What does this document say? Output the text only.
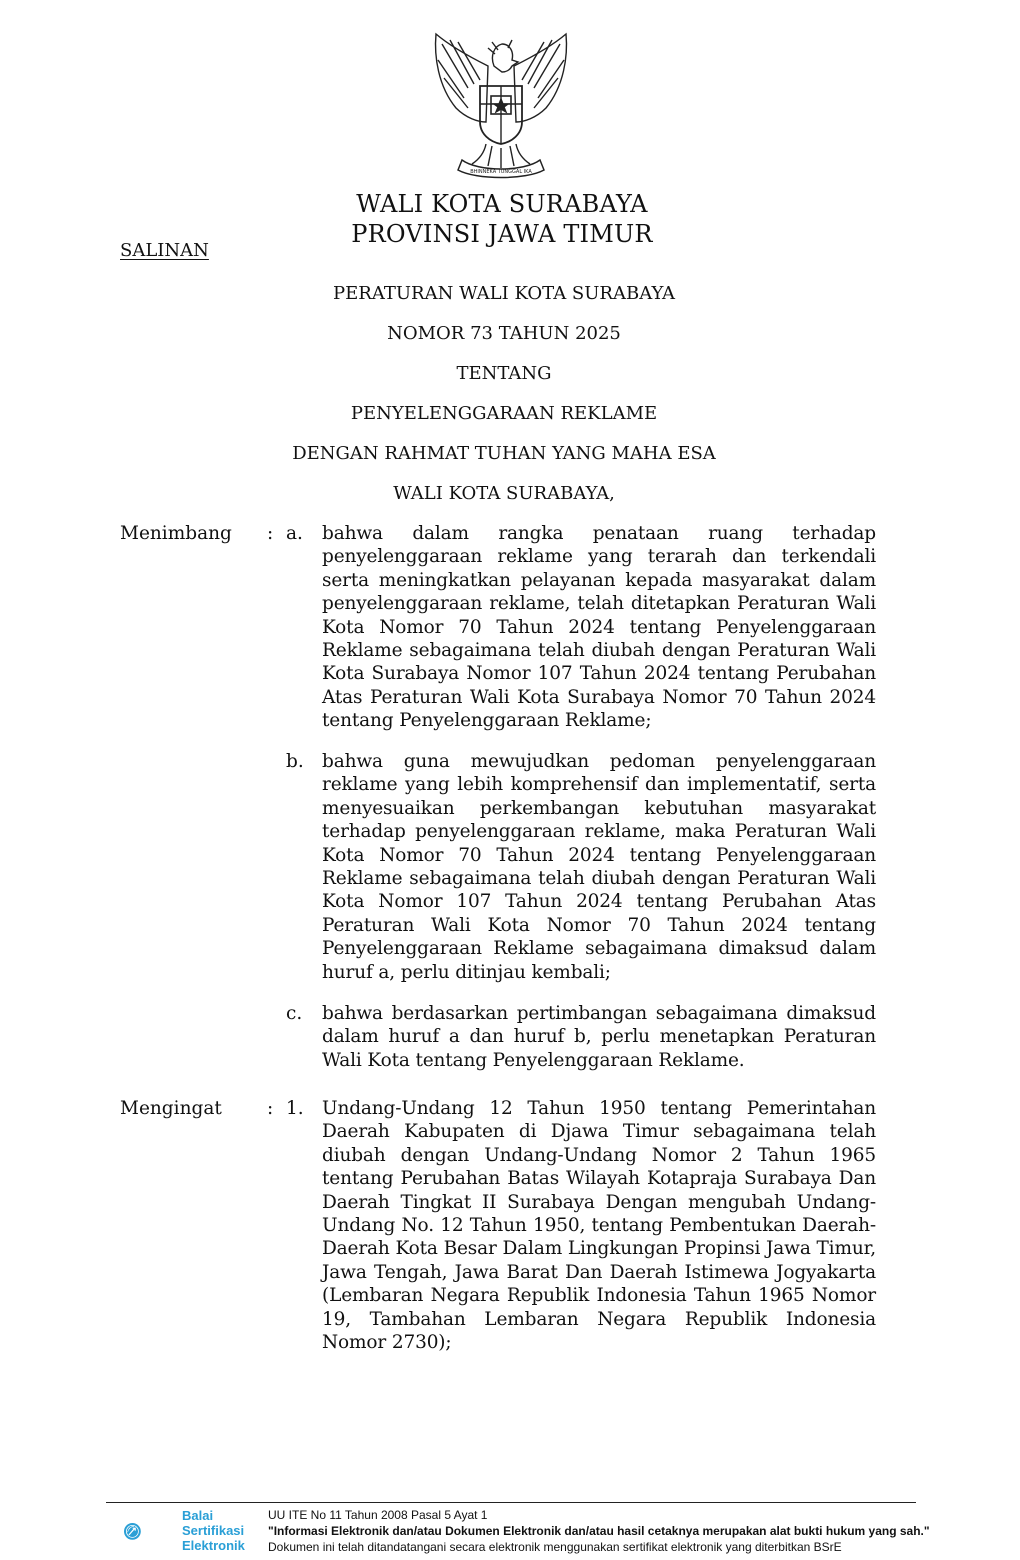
BHINNEKA TUNGGAL IKA
WALI KOTA SURABAYA
PROVINSI JAWA TIMUR
SALINAN
PERATURAN WALI KOTA SURABAYA
NOMOR 73 TAHUN 2025
TENTANG
PENYELENGGARAAN REKLAME
DENGAN RAHMAT TUHAN YANG MAHA ESA
WALI KOTA SURABAYA,
Menimbang : a.	bahwa dalam rangka penataan ruang terhadap penyelenggaraan reklame yang terarah dan terkendali serta meningkatkan pelayanan kepada masyarakat dalam penyelenggaraan reklame, telah ditetapkan Peraturan Wali Kota Nomor 70 Tahun 2024 tentang Penyelenggaraan Reklame sebagaimana telah diubah dengan Peraturan Wali Kota Surabaya Nomor 107 Tahun 2024 tentang Perubahan Atas Peraturan Wali Kota Surabaya Nomor 70 Tahun 2024 tentang Penyelenggaraan Reklame;
b. bahwa guna mewujudkan pedoman penyelenggaraan reklame yang lebih komprehensif dan implementatif, serta menyesuaikan perkembangan kebutuhan masyarakat terhadap penyelenggaraan reklame, maka Peraturan Wali Kota Nomor 70 Tahun 2024 tentang Penyelenggaraan Reklame sebagaimana telah diubah dengan Peraturan Wali Kota Nomor 107 Tahun 2024 tentang Perubahan Atas Peraturan Wali Kota Nomor 70 Tahun 2024 tentang Penyelenggaraan Reklame sebagaimana dimaksud dalam huruf a, perlu ditinjau kembali;
c.	bahwa berdasarkan pertimbangan sebagaimana dimaksud dalam huruf a dan huruf b, perlu menetapkan Peraturan Wali Kota tentang Penyelenggaraan Reklame.
Mengingat : 1. Undang-Undang 12 Tahun 1950 tentang Pemerintahan Daerah Kabupaten di Djawa Timur sebagaimana telah diubah dengan Undang-Undang Nomor 2 Tahun 1965 tentang Perubahan Batas Wilayah Kotapraja Surabaya Dan Daerah Tingkat II Surabaya Dengan mengubah Undang-Undang No. 12 Tahun 1950, tentang Pembentukan Daerah-Daerah Kota Besar Dalam Lingkungan Propinsi Jawa Timur, Jawa Tengah, Jawa Barat Dan Daerah Istimewa Jogyakarta (Lembaran Negara Republik Indonesia Tahun 1965 Nomor 19, Tambahan Lembaran Negara Republik Indonesia Nomor 2730);
Balai
Sertifikasi
Elektronik
UU ITE No 11 Tahun 2008 Pasal 5 Ayat 1
"Informasi Elektronik dan/atau Dokumen Elektronik dan/atau hasil cetaknya merupakan alat bukti hukum yang sah."
Dokumen ini telah ditandatangani secara elektronik menggunakan sertifikat elektronik yang diterbitkan BSrE
